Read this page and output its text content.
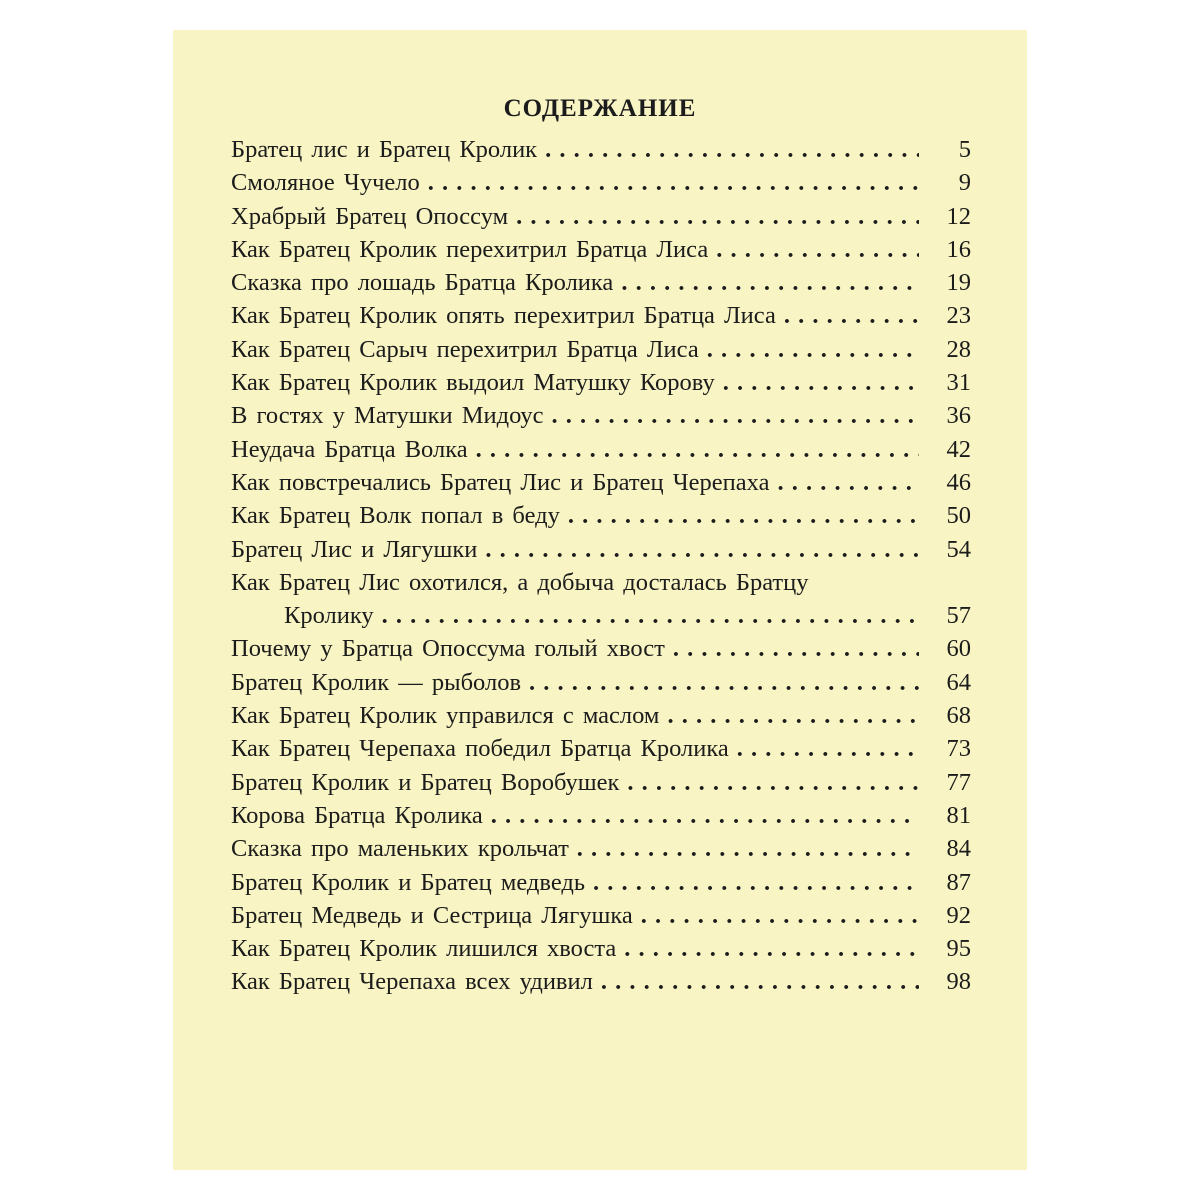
СОДЕРЖАНИЕ
Братец лис и Братец Кролик . . .	5
Смоляное Чучело . . .	9
Храбрый Братец Опоссум . . .	12
Как Братец Кролик перехитрил Братца Лиса . . .	16
Сказка про лошадь Братца Кролика . . .	19
Как Братец Кролик опять перехитрил Братца Лиса . . .	23
Как Братец Сарыч перехитрил Братца Лиса . . .	28
Как Братец Кролик выдоил Матушку Корову . . .	31
В гостях у Матушки Мидоус . . .	36
Неудача Братца Волка . . .	42
Как повстречались Братец Лис и Братец Черепаха . . .	46
Как Братец Волк попал в беду . . .	50
Братец Лис и Лягушки . . .	54
Как Братец Лис охотился, а добыча досталась Братцу
Кролику . . .	57
Почему у Братца Опоссума голый хвост . . .	60
Братец Кролик — рыболов . . .	64
Как Братец Кролик управился с маслом . . .	68
Как Братец Черепаха победил Братца Кролика . . .	73
Братец Кролик и Братец Воробушек . . .	77
Корова Братца Кролика . . .	81
Сказка про маленьких крольчат . . .	84
Братец Кролик и Братец медведь . . .	87
Братец Медведь и Сестрица Лягушка . . .	92
Как Братец Кролик лишился хвоста . . .	95
Как Братец Черепаха всех удивил . . .	98
